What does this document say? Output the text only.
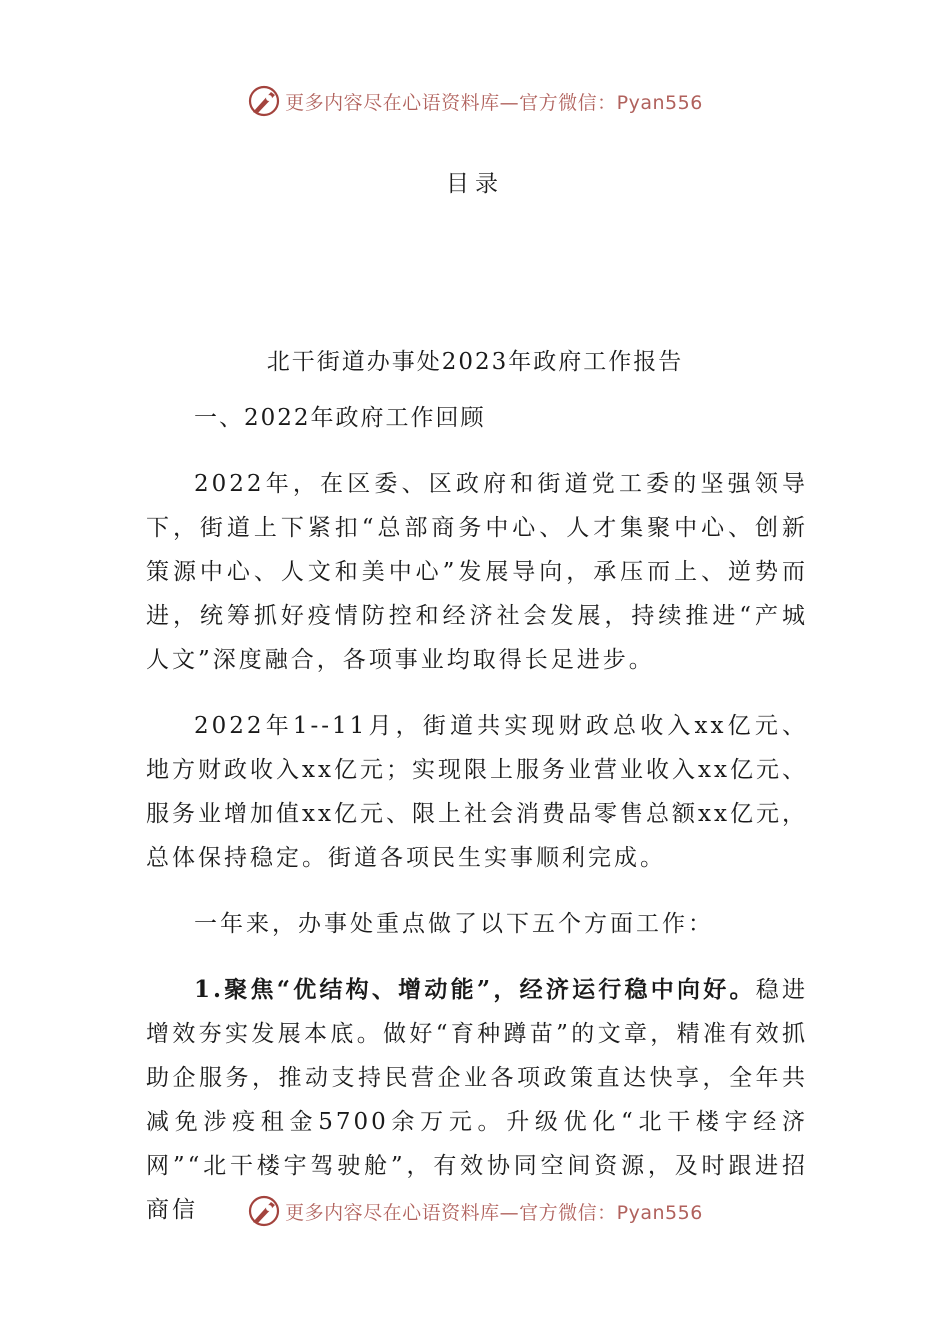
更多内容尽在心语资料库—官方微信：Pyan556
目录
北干街道办事处2023年政府工作报告
一、2022年政府工作回顾

2022年，在区委、区政府和街道党工委的坚强领导下，街道上下紧扣“总部商务中心、人才集聚中心、创新策源中心、人文和美中心”发展导向，承压而上、逆势而进，统筹抓好疫情防控和经济社会发展，持续推进“产城人文”深度融合，各项事业均取得长足进步。

2022年1--11月，街道共实现财政总收入xx亿元、地方财政收入xx亿元；实现限上服务业营业收入xx亿元、服务业增加值xx亿元、限上社会消费品零售总额xx亿元，总体保持稳定。街道各项民生实事顺利完成。

一年来，办事处重点做了以下五个方面工作：

1.聚焦“优结构、增动能”，经济运行稳中向好。稳进增效夯实发展本底。做好“育种蹲苗”的文章，精准有效抓助企服务，推动支持民营企业各项政策直达快享，全年共减免涉疫租金5700余万元。升级优化“北干楼宇经济网”“北干楼宇驾驶舱”，有效协同空间资源，及时跟进招商信	更多内容尽在心语资料库—官方微信：Pyan556
